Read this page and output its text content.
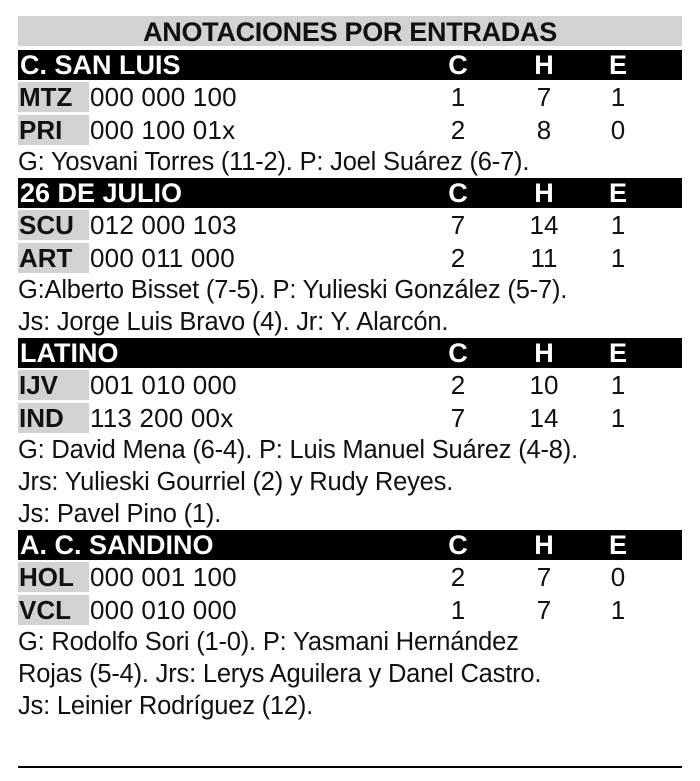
ANOTACIONES POR ENTRADAS
C. SAN LUIS	C	H	E
MTZ 000 000 100	1	7	1
PRI	000 100 01x	2	8	0
G: Yosvani Torres (11-2). P: Joel Suárez (6-7).
26 DE JULIO	C	H	E
SCU 012 000 103	7	14	1
ART 000 011 000	2	11	1
G:Alberto Bisset (7-5). P: Yulieski González (5-7).
Js: Jorge Luis Bravo (4). Jr: Y. Alarcón.
LATINO	C	H	E
IJV	001 010 000	2	10	1
IND	113 200 00x	7	14	1
G: David Mena (6-4). P: Luis Manuel Suárez (4-8).
Jrs: Yulieski Gourriel (2) y Rudy Reyes.
Js: Pavel Pino (1).
A. C. SANDINO	C	H	E
HOL 000 001 100	2	7	0
VCL 000 010 000	1	7	1
G: Rodolfo Sori (1-0). P: Yasmani Hernández
Rojas (5-4). Jrs: Lerys Aguilera y Danel Castro.
Js: Leinier Rodríguez (12).
